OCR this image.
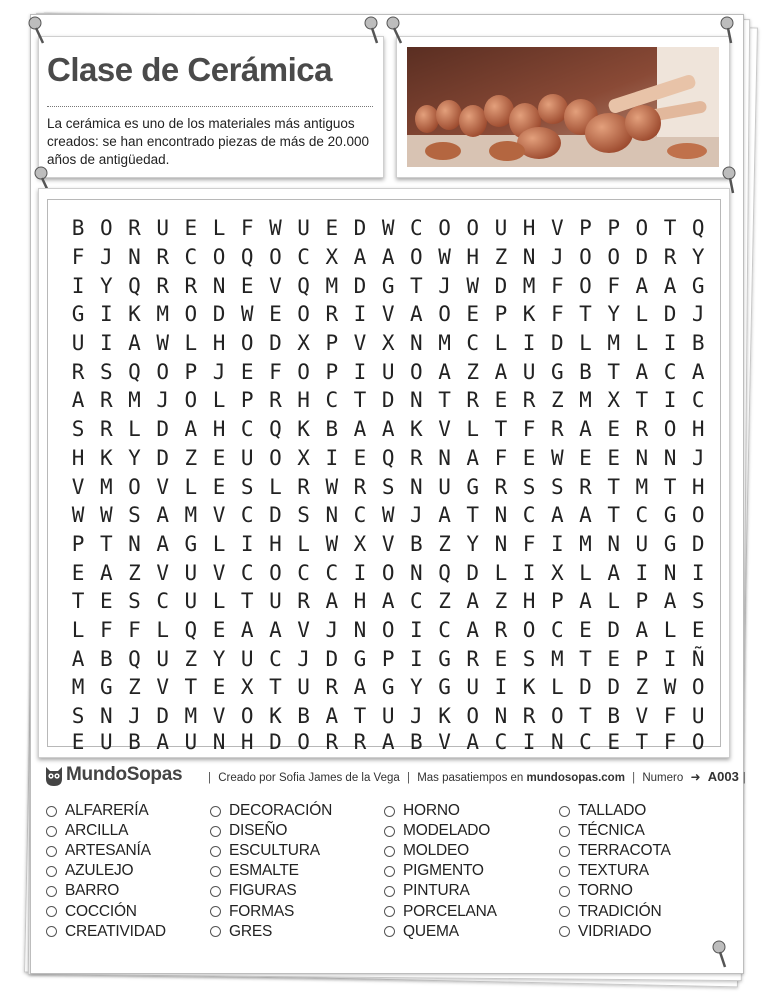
Clase de Cerámica

La cerámica es uno de los materiales más antiguos creados: se han encontrado piezas de más de 20.000 años de antigüedad.

B O R U E L F W U E D W C O O U H V P P O T Q
F J N R C O Q O C X A A O W H Z N J O O D R Y
I Y Q R R N E V Q M D G T J W D M F O F A A G
G I K M O D W E O R I V A O E P K F T Y L D J
U I A W L H O D X P V X N M C L I D L M L I B
R S Q O P J E F O P I U O A Z A U G B T A C A
A R M J O L P R H C T D N T R E R Z M X T I C
S R L D A H C Q K B A A K V L T F R A E R O H
H K Y D Z E U O X I E Q R N A F E W E E N N J
V M O V L E S L R W R S N U G R S S R T M T H
W W S A M V C D S N C W J A T N C A A T C G O
P T N A G L I H L W X V B Z Y N F I M N U G D
E A Z V U V C O C C I O N Q D L I X L A I N I
T E S C U L T U R A H A C Z A Z H P A L P A S
L F F L Q E A A V J N O I C A R O C E D A L E
A B Q U Z Y U C J D G P I G R E S M T E P I Ñ
M G Z V T E X T U R A G Y G U I K L D D Z W O
S N J D M V O K B A T U J K O N R O T B V F U
E U B A U N H D O R R A B V A C I N C E T F O
MundoSopas	| Creado por Sofia James de la Vega | Mas pasatiempos en mundosopas.com | Numero ➜ A003 |
ALFARERÍA
ARCILLA
ARTESANÍA
AZULEJO
BARRO
COCCIÓN
CREATIVIDAD
DECORACIÓN
DISEÑO
ESCULTURA
ESMALTE
FIGURAS
FORMAS
GRES
HORNO
MODELADO
MOLDEO
PIGMENTO
PINTURA
PORCELANA
QUEMA
TALLADO
TÉCNICA
TERRACOTA
TEXTURA
TORNO
TRADICIÓN
VIDRIADO
